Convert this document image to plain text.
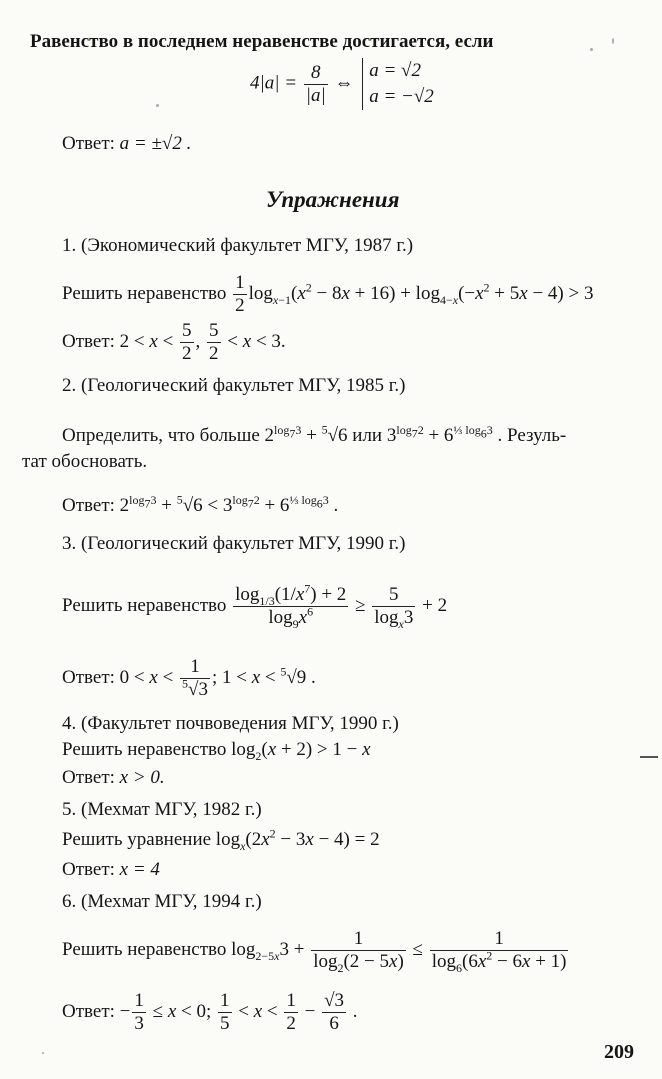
Равенство в последнем неравенстве достигается, если
$4|a| = \frac{8}{|a|}$ ⇔
a = √2
a = −√2
Ответ: a = ±√2 .
Упражнения
1. (Экономический факультет МГУ, 1987 г.)
Решить неравенство $\frac{1}{2} \log_{x-1}(x^2 - 8x + 16) + \log_{4-x}(-x^2 + 5x - 4) > 3$
Ответ: $2 < x < \frac{5}{2}$ , $\frac{5}{2} < x < 3$.
2. (Геологический факультет МГУ, 1985 г.)
Определить, что больше $2^{log_73} + ^5√6$ или $3^{log_72} + 6^{\frac{1}{3} log_63}$ . Резуль-
тат обосновать.
Ответ: $2^{log_73} + ^5√6 < 3^{log_72} + 6^{\frac{1}{3} log_63}$ .
3. (Геологический факультет МГУ, 1990 г.)
Решить неравенство $\frac{\log_{1/3}(1/x^7) + 2}{\log_9x^6} \ge \frac{5}{\log_x3} + 2$
Ответ: $0 < x < \frac{1}{^5√3}$ ; 1 < x < $^5$√9 .
4. (Факультет почвоведения МГУ, 1990 г.)
Решить неравенство $\log_2(x + 2) > 1 - x$
Ответ: x > 0.
5. (Мехмат МГУ, 1982 г.)
Решить уравнение $\log_x(2x^2 - 3x - 4) = 2$
Ответ: x = 4
6. (Мехмат МГУ, 1994 г.)
Решить неравенство $\log_{2-5x}3 + \frac{1}{\log_2(2 - 5x)} \le \frac{1}{\log_6(6x^2 - 6x + 1)}$
Ответ: − $\frac{1}{3} \le x < 0$; $\frac{1}{5} < x < \frac{1}{2} - \frac{√3}{6}$ .
209
